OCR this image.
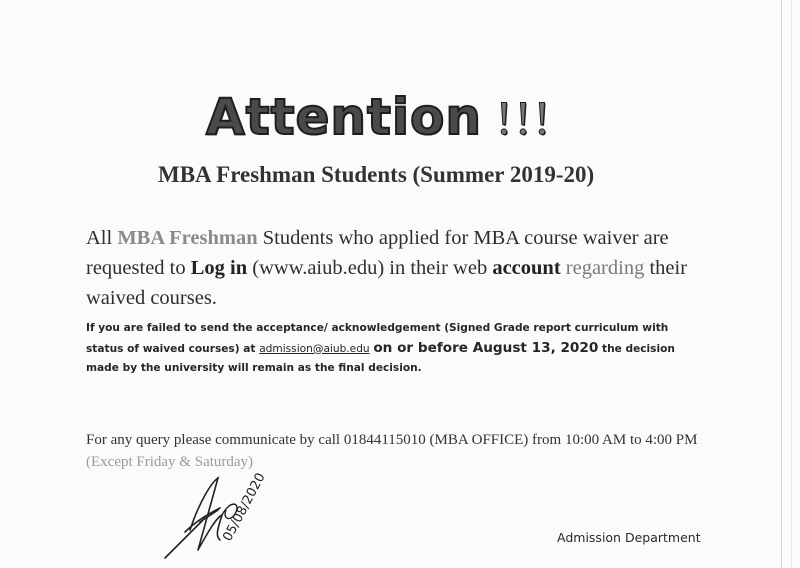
Attention !!!
MBA Freshman Students (Summer 2019-20)
All MBA Freshman Students who applied for MBA course waiver are requested to Log in (www.aiub.edu) in their web account regarding their waived courses.
If you are failed to send the acceptance/ acknowledgement (Signed Grade report curriculum with status of waived courses) at admission@aiub.edu on or before August 13, 2020 the decision made by the university will remain as the final decision.
For any query please communicate by call 01844115010 (MBA OFFICE) from 10:00 AM to 4:00 PM (Except Friday & Saturday)
05/08/2020	Admission Department
